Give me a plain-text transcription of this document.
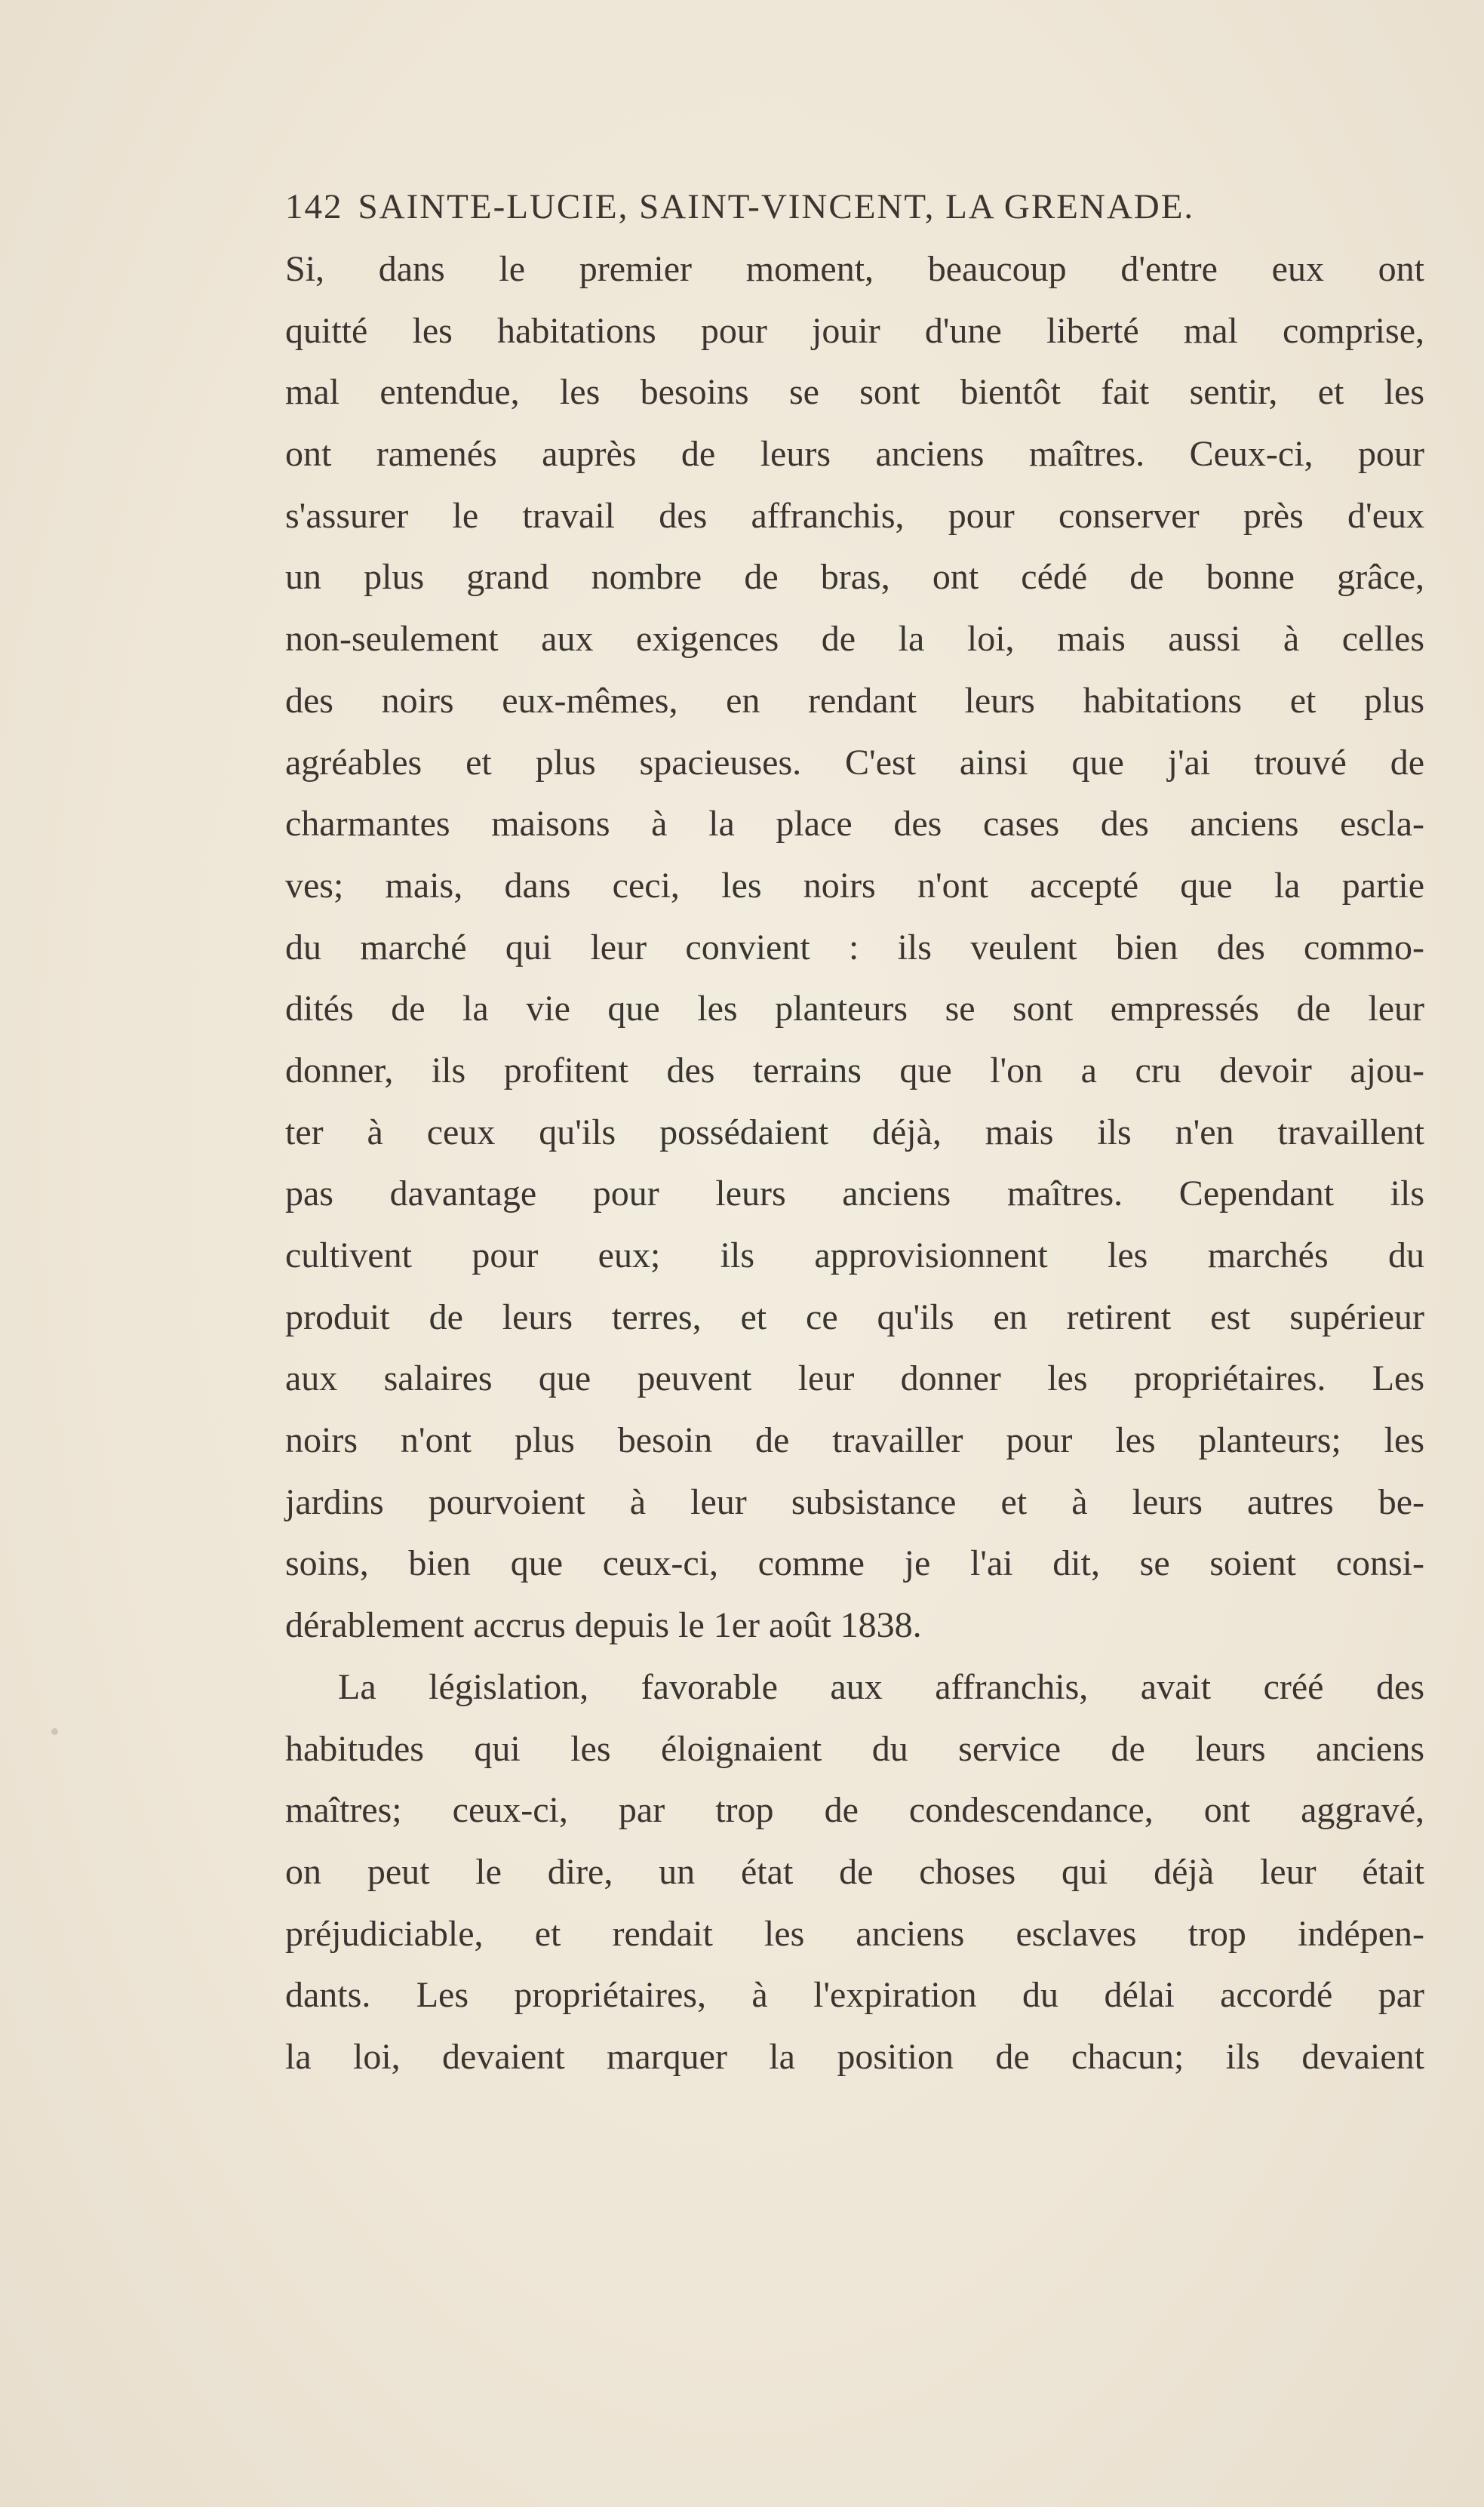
142 SAINTE-LUCIE, SAINT-VINCENT, LA GRENADE.
Si, dans le premier moment, beaucoup d'entre eux ont
quitté les habitations pour jouir d'une liberté mal comprise,
mal entendue, les besoins se sont bientôt fait sentir, et les
ont ramenés auprès de leurs anciens maîtres. Ceux-ci, pour
s'assurer le travail des affranchis, pour conserver près d'eux
un plus grand nombre de bras, ont cédé de bonne grâce,
non-seulement aux exigences de la loi, mais aussi à celles
des noirs eux-mêmes, en rendant leurs habitations et plus
agréables et plus spacieuses. C'est ainsi que j'ai trouvé de
charmantes maisons à la place des cases des anciens escla-
ves; mais, dans ceci, les noirs n'ont accepté que la partie
du marché qui leur convient : ils veulent bien des commo-
dités de la vie que les planteurs se sont empressés de leur
donner, ils profitent des terrains que l'on a cru devoir ajou-
ter à ceux qu'ils possédaient déjà, mais ils n'en travaillent
pas davantage pour leurs anciens maîtres. Cependant ils
cultivent pour eux; ils approvisionnent les marchés du
produit de leurs terres, et ce qu'ils en retirent est supérieur
aux salaires que peuvent leur donner les propriétaires. Les
noirs n'ont plus besoin de travailler pour les planteurs; les
jardins pourvoient à leur subsistance et à leurs autres be-
soins, bien que ceux-ci, comme je l'ai dit, se soient consi-
dérablement accrus depuis le 1er août 1838.
La législation, favorable aux affranchis, avait créé des
habitudes qui les éloignaient du service de leurs anciens
maîtres; ceux-ci, par trop de condescendance, ont aggravé,
on peut le dire, un état de choses qui déjà leur était
préjudiciable, et rendait les anciens esclaves trop indépen-
dants. Les propriétaires, à l'expiration du délai accordé par
la loi, devaient marquer la position de chacun; ils devaient
